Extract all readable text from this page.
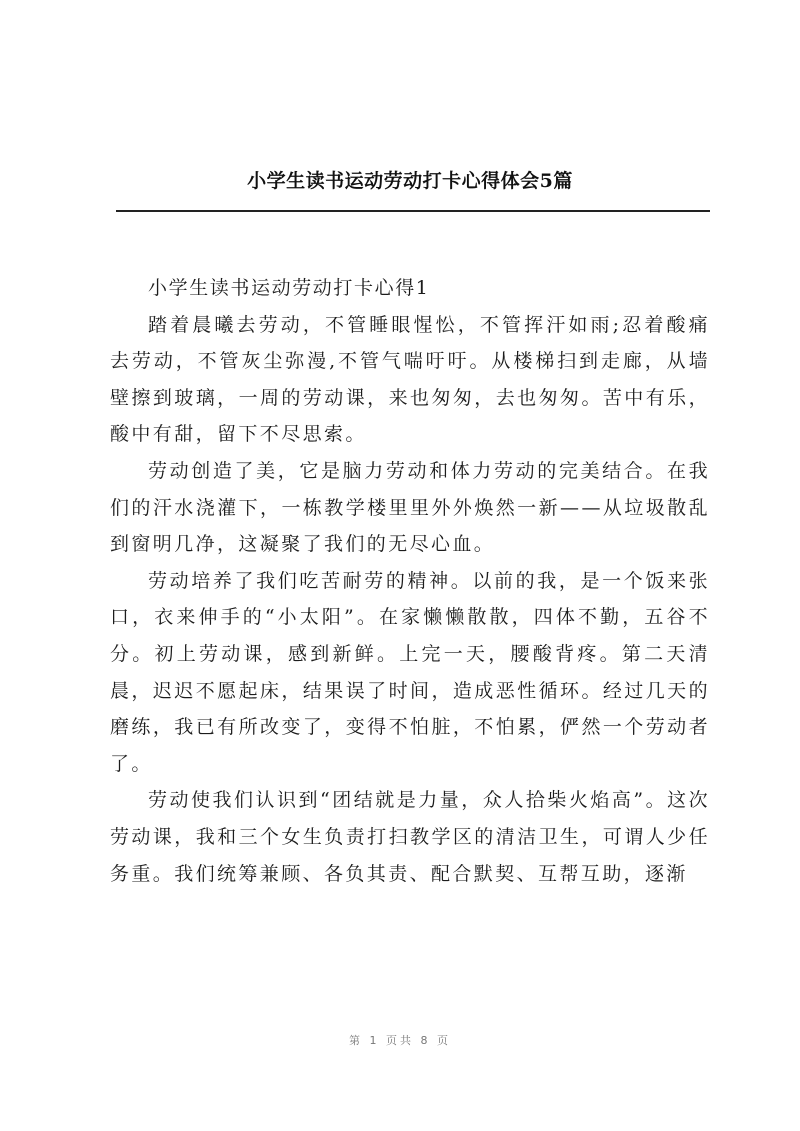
小学生读书运动劳动打卡心得体会5篇

小学生读书运动劳动打卡心得1

踏着晨曦去劳动，不管睡眼惺忪，不管挥汗如雨;忍着酸痛去劳动，不管灰尘弥漫,不管气喘吁吁。从楼梯扫到走廊，从墙壁擦到玻璃，一周的劳动课，来也匆匆，去也匆匆。苦中有乐，酸中有甜，留下不尽思索。

劳动创造了美，它是脑力劳动和体力劳动的完美结合。在我们的汗水浇灌下，一栋教学楼里里外外焕然一新——从垃圾散乱到窗明几净，这凝聚了我们的无尽心血。

劳动培养了我们吃苦耐劳的精神。以前的我，是一个饭来张口，衣来伸手的“小太阳”。在家懒懒散散，四体不勤，五谷不分。初上劳动课，感到新鲜。上完一天，腰酸背疼。第二天清晨，迟迟不愿起床，结果误了时间，造成恶性循环。经过几天的磨练，我已有所改变了，变得不怕脏，不怕累，俨然一个劳动者了。

劳动使我们认识到“团结就是力量，众人拾柴火焰高”。这次劳动课，我和三个女生负责打扫教学区的清洁卫生，可谓人少任务重。我们统筹兼顾、各负其责、配合默契、互帮互助，逐渐

第 1 页共 8 页
